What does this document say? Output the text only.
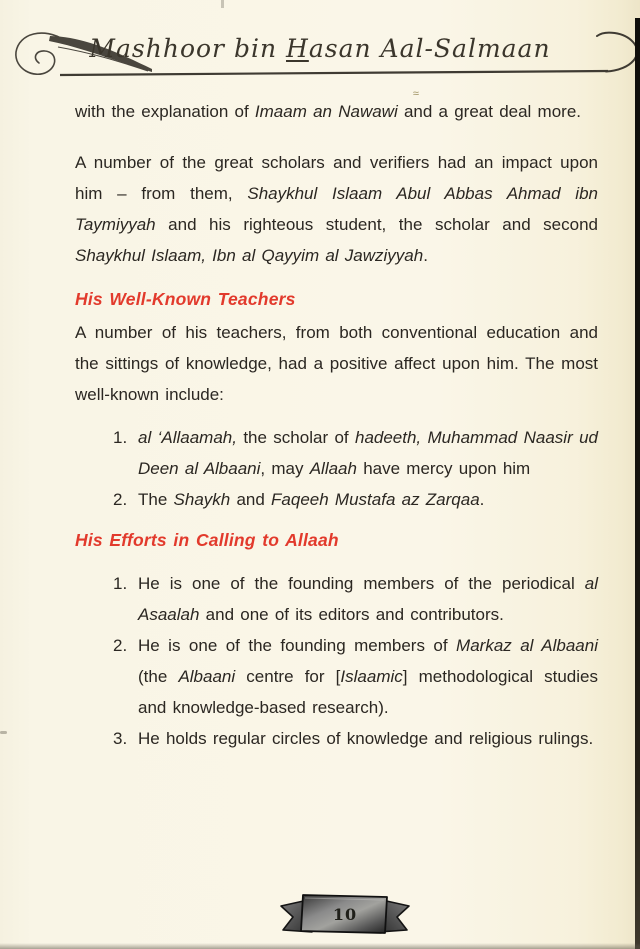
Mashhoor bin Hasan Aal-Salmaan
≈

with the explanation of Imaam an Nawawi and a great deal more.

A number of the great scholars and verifiers had an impact upon him – from them, Shaykhul Islaam Abul Abbas Ahmad ibn Taymiyyah and his righteous student, the scholar and second Shaykhul Islaam, Ibn al Qayyim al Jawziyyah.

His Well-Known Teachers

A number of his teachers, from both conventional education and the sittings of knowledge, had a positive affect upon him. The most well-known include:

1. al ‘Allaamah, the scholar of hadeeth, Muhammad Naasir ud Deen al Albaani, may Allaah have mercy upon him
2. The Shaykh and Faqeeh Mustafa az Zarqaa.
His Efforts in Calling to Allaah
1. He is one of the founding members of the periodical al Asaalah and one of its editors and contributors.
2. He is one of the founding members of Markaz al Albaani (the Albaani centre for [Islaamic] methodological studies and knowledge-based research).
3. He holds regular circles of knowledge and religious rulings.
10
